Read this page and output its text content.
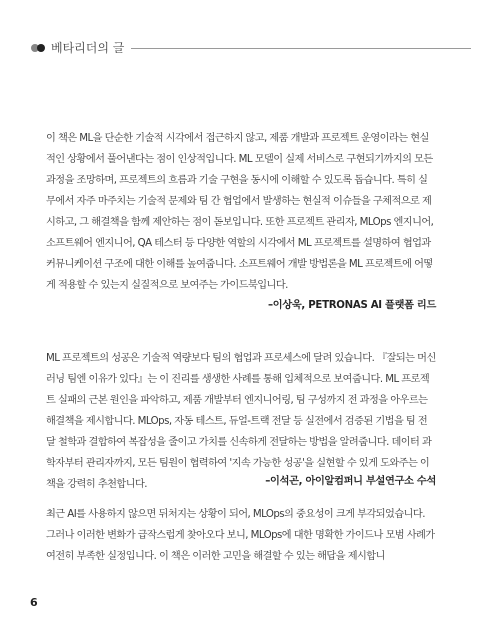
베타리더의 글

이 책은 ML을 단순한 기술적 시각에서 접근하지 않고, 제품 개발과 프로젝트 운영이라는 현실적인 상황에서 풀어낸다는 점이 인상적입니다. ML 모델이 실제 서비스로 구현되기까지의 모든 과정을 조망하며, 프로젝트의 흐름과 기술 구현을 동시에 이해할 수 있도록 돕습니다. 특히 실무에서 자주 마주치는 기술적 문제와 팀 간 협업에서 발생하는 현실적 이슈들을 구체적으로 제시하고, 그 해결책을 함께 제안하는 점이 돋보입니다. 또한 프로젝트 관리자, MLOps 엔지니어, 소프트웨어 엔지니어, QA 테스터 등 다양한 역할의 시각에서 ML 프로젝트를 설명하여 협업과 커뮤니케이션 구조에 대한 이해를 높여줍니다. 소프트웨어 개발 방법론을 ML 프로젝트에 어떻게 적용할 수 있는지 실질적으로 보여주는 가이드북입니다.

–이상욱, PETRONAS AI 플랫폼 리드

ML 프로젝트의 성공은 기술적 역량보다 팀의 협업과 프로세스에 달려 있습니다. 『잘되는 머신러닝 팀엔 이유가 있다』는 이 진리를 생생한 사례를 통해 입체적으로 보여줍니다. ML 프로젝트 실패의 근본 원인을 파악하고, 제품 개발부터 엔지니어링, 팀 구성까지 전 과정을 아우르는 해결책을 제시합니다. MLOps, 자동 테스트, 듀얼-트랙 전달 등 실전에서 검증된 기법을 팀 전달 철학과 결합하여 복잡성을 줄이고 가치를 신속하게 전달하는 방법을 알려줍니다. 데이터 과학자부터 관리자까지, 모든 팀원이 협력하여 '지속 가능한 성공'을 실현할 수 있게 도와주는 이 책을 강력히 추천합니다.	–이석곤, 아이알컴퍼니 부설연구소 수석

최근 AI를 사용하지 않으면 뒤처지는 상황이 되어, MLOps의 중요성이 크게 부각되었습니다. 그러나 이러한 변화가 급작스럽게 찾아오다 보니, MLOps에 대한 명확한 가이드나 모범 사례가 여전히 부족한 실정입니다. 이 책은 이러한 고민을 해결할 수 있는 해답을 제시합니

6
